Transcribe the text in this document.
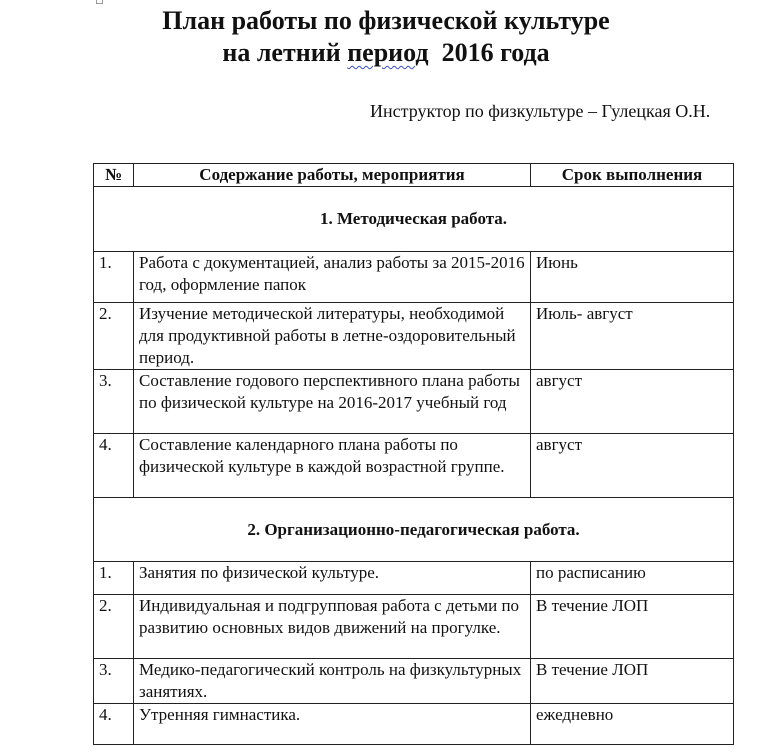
План работы по физической культуре
на летний период  2016 года
Инструктор по физкультуре – Гулецкая О.Н.
№	Содержание работы, мероприятия	Срок выполнения
1. Методическая работа.		
1.	Работа с документацией, анализ работы за 2015-2016 год, оформление папок	Июнь
2.	Изучение методической литературы, необходимой для продуктивной работы в летне-оздоровительный период.	Июль- август
3.	Составление годового перспективного плана работы по физической культуре на 2016-2017 учебный год	август
4.	Составление календарного плана работы по физической культуре в каждой возрастной группе.	август
2. Организационно-педагогическая работа.		
1.	Занятия по физической культуре.	по расписанию
2.	Индивидуальная и подгрупповая работа с детьми по развитию основных видов движений на прогулке.	В течение ЛОП
3.	Медико-педагогический контроль на физкультурных занятиях.	В течение ЛОП
4.	Утренняя гимнастика.	ежедневно
